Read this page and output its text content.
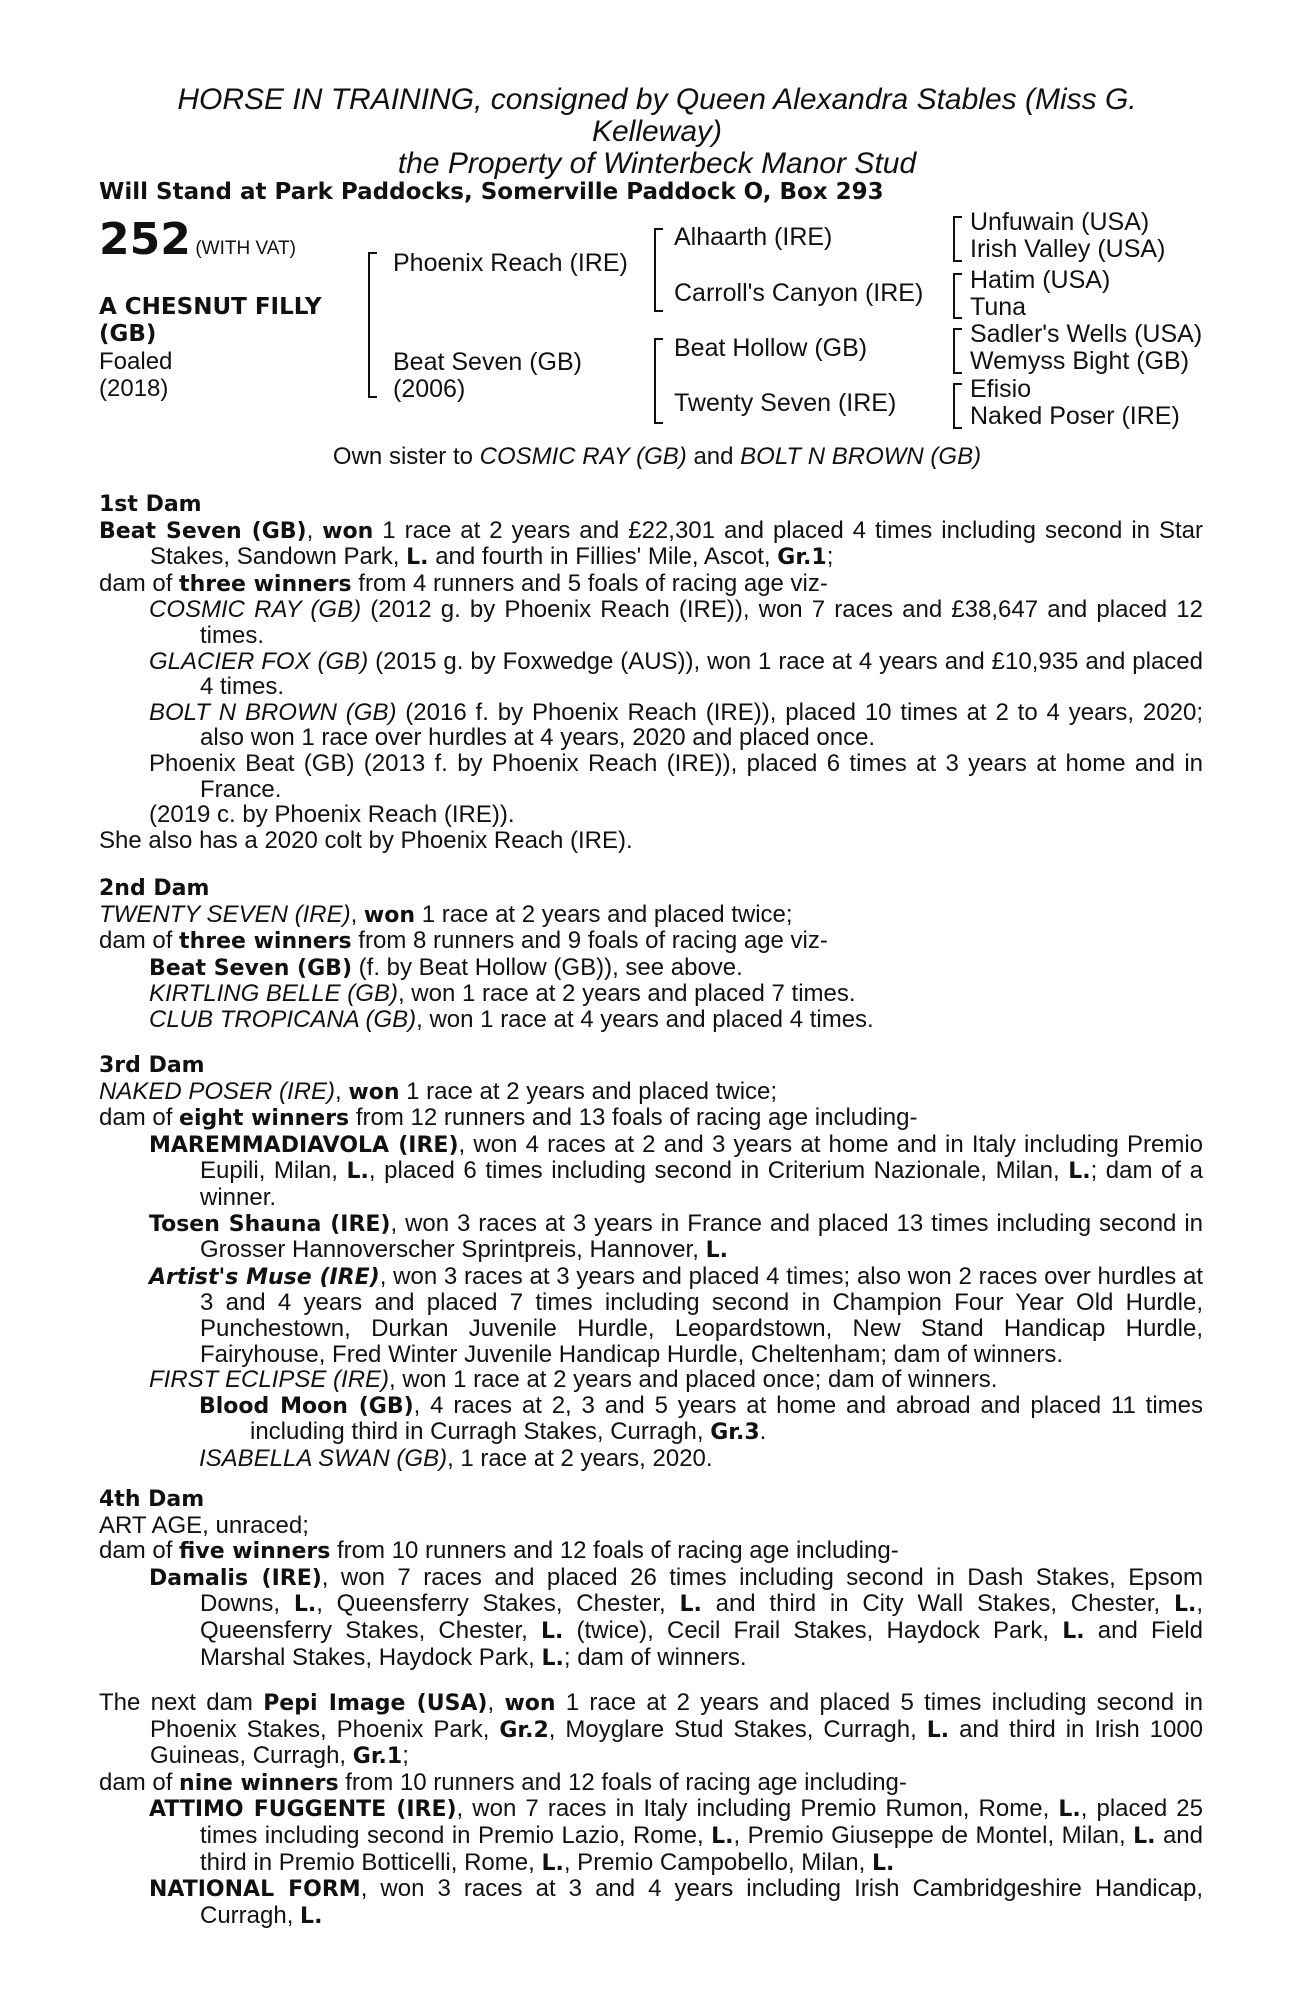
HORSE IN TRAINING, consigned by Queen Alexandra Stables (Miss G.
Kelleway)
the Property of Winterbeck Manor Stud
Will Stand at Park Paddocks, Somerville Paddock O, Box 293
252 (WITH VAT)
A CHESNUT FILLY
(GB)
Foaled
(2018)
Phoenix Reach (IRE)
Beat Seven (GB)
(2006)
Alhaarth (IRE)
Carroll's Canyon (IRE)
Beat Hollow (GB)
Twenty Seven (IRE)
Unfuwain (USA)
Irish Valley (USA)
Hatim (USA)
Tuna
Sadler's Wells (USA)
Wemyss Bight (GB)
Efisio
Naked Poser (IRE)
Own sister to COSMIC RAY (GB) and BOLT N BROWN (GB)

1st Dam

Beat Seven (GB), won 1 race at 2 years and £22,301 and placed 4 times including second in Star Stakes, Sandown Park, L. and fourth in Fillies' Mile, Ascot, Gr.1;

dam of three winners from 4 runners and 5 foals of racing age viz-

COSMIC RAY (GB) (2012 g. by Phoenix Reach (IRE)), won 7 races and £38,647 and placed 12 times.

GLACIER FOX (GB) (2015 g. by Foxwedge (AUS)), won 1 race at 4 years and £10,935 and placed 4 times.

BOLT N BROWN (GB) (2016 f. by Phoenix Reach (IRE)), placed 10 times at 2 to 4 years, 2020; also won 1 race over hurdles at 4 years, 2020 and placed once.

Phoenix Beat (GB) (2013 f. by Phoenix Reach (IRE)), placed 6 times at 3 years at home and in France.

(2019 c. by Phoenix Reach (IRE)).

She also has a 2020 colt by Phoenix Reach (IRE).

2nd Dam

TWENTY SEVEN (IRE), won 1 race at 2 years and placed twice;

dam of three winners from 8 runners and 9 foals of racing age viz-

Beat Seven (GB) (f. by Beat Hollow (GB)), see above.

KIRTLING BELLE (GB), won 1 race at 2 years and placed 7 times.

CLUB TROPICANA (GB), won 1 race at 4 years and placed 4 times.

3rd Dam

NAKED POSER (IRE), won 1 race at 2 years and placed twice;

dam of eight winners from 12 runners and 13 foals of racing age including-

MAREMMADIAVOLA (IRE), won 4 races at 2 and 3 years at home and in Italy including Premio Eupili, Milan, L., placed 6 times including second in Criterium Nazionale, Milan, L.; dam of a winner.

Tosen Shauna (IRE), won 3 races at 3 years in France and placed 13 times including second in Grosser Hannoverscher Sprintpreis, Hannover, L.

Artist's Muse (IRE), won 3 races at 3 years and placed 4 times; also won 2 races over hurdles at 3 and 4 years and placed 7 times including second in Champion Four Year Old Hurdle, Punchestown, Durkan Juvenile Hurdle, Leopardstown, New Stand Handicap Hurdle, Fairyhouse, Fred Winter Juvenile Handicap Hurdle, Cheltenham; dam of winners.

FIRST ECLIPSE (IRE), won 1 race at 2 years and placed once; dam of winners.

Blood Moon (GB), 4 races at 2, 3 and 5 years at home and abroad and placed 11 times including third in Curragh Stakes, Curragh, Gr.3.

ISABELLA SWAN (GB), 1 race at 2 years, 2020.

4th Dam

ART AGE, unraced;

dam of five winners from 10 runners and 12 foals of racing age including-

Damalis (IRE), won 7 races and placed 26 times including second in Dash Stakes, Epsom Downs, L., Queensferry Stakes, Chester, L. and third in City Wall Stakes, Chester, L., Queensferry Stakes, Chester, L. (twice), Cecil Frail Stakes, Haydock Park, L. and Field Marshal Stakes, Haydock Park, L.; dam of winners.

The next dam Pepi Image (USA), won 1 race at 2 years and placed 5 times including second in Phoenix Stakes, Phoenix Park, Gr.2, Moyglare Stud Stakes, Curragh, L. and third in Irish 1000 Guineas, Curragh, Gr.1;

dam of nine winners from 10 runners and 12 foals of racing age including-

ATTIMO FUGGENTE (IRE), won 7 races in Italy including Premio Rumon, Rome, L., placed 25 times including second in Premio Lazio, Rome, L., Premio Giuseppe de Montel, Milan, L. and third in Premio Botticelli, Rome, L., Premio Campobello, Milan, L.

NATIONAL FORM, won 3 races at 3 and 4 years including Irish Cambridgeshire Handicap, Curragh, L.
